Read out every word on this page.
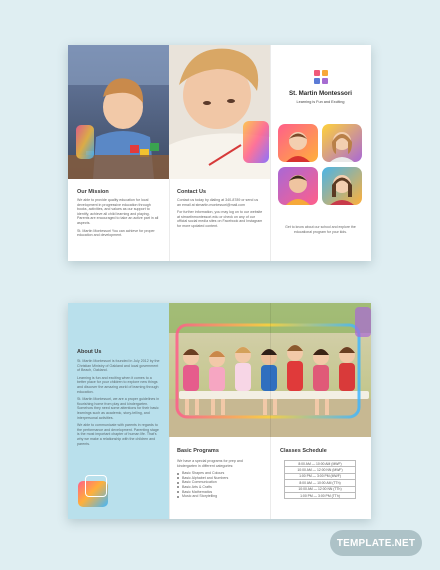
Our Mission

We able to provide quality education for local development in progressive education through books, activities, and values as our support to identify, achieve all child learning and playing. Parents are encouraged to take an active part in all aspects.

St. Martin Montessori You can achieve for proper education and development.

Contact Us

Contact us today by dialing at 340-8789 or send us an email at stmartin.montessori@mail.com

For further information, you may log on to our website at stmartinmontessori.edu or check on any of our official social media sites on Facebook and Instagram for more updated content.

St. Martin Montessori
Learning is Fun and Exciting
Get to know about our school and explore the educational program for your kids.
About Us

St. Martin Montessori is founded in July 2012 by the Christian Ministry of Oakland and local government of Beach, Oakland.

Learning is fun and exciting when it comes to a better place for your children to explore new things and discover the amazing world of learning through education.

St. Martin Montessori, we are a proper guidelines in flourishing home from play and kindergarten. Somehow they need some attentions for their basic learnings such as academic, story-telling, and interpersonal activities.

We able to communicate with parents in regards to the performance and development. Parenting stage is the most important chapter of human life. That's why we make a relationship with the children and parents.

Basic Programs

We have a special programs for prep and kindergarten in different categories:

Basic Shapes and Colours
Basic Alphabet and Numbers
Basic Communication
Basic Arts & Crafts
Basic Mathematics
Music and Storytelling
Classes Schedule
8:00 AM — 10:00 AM (MWF)
10:00 AM — 12:00 NN (MWF)
1:00 PM — 3:00 PM (MWF)
8:00 AM — 10:00 AM (TTh)
10:00 AM — 12:00 NN (TTh)
1:00 PM — 3:00 PM (TTh)
TEMPLATE.NET
